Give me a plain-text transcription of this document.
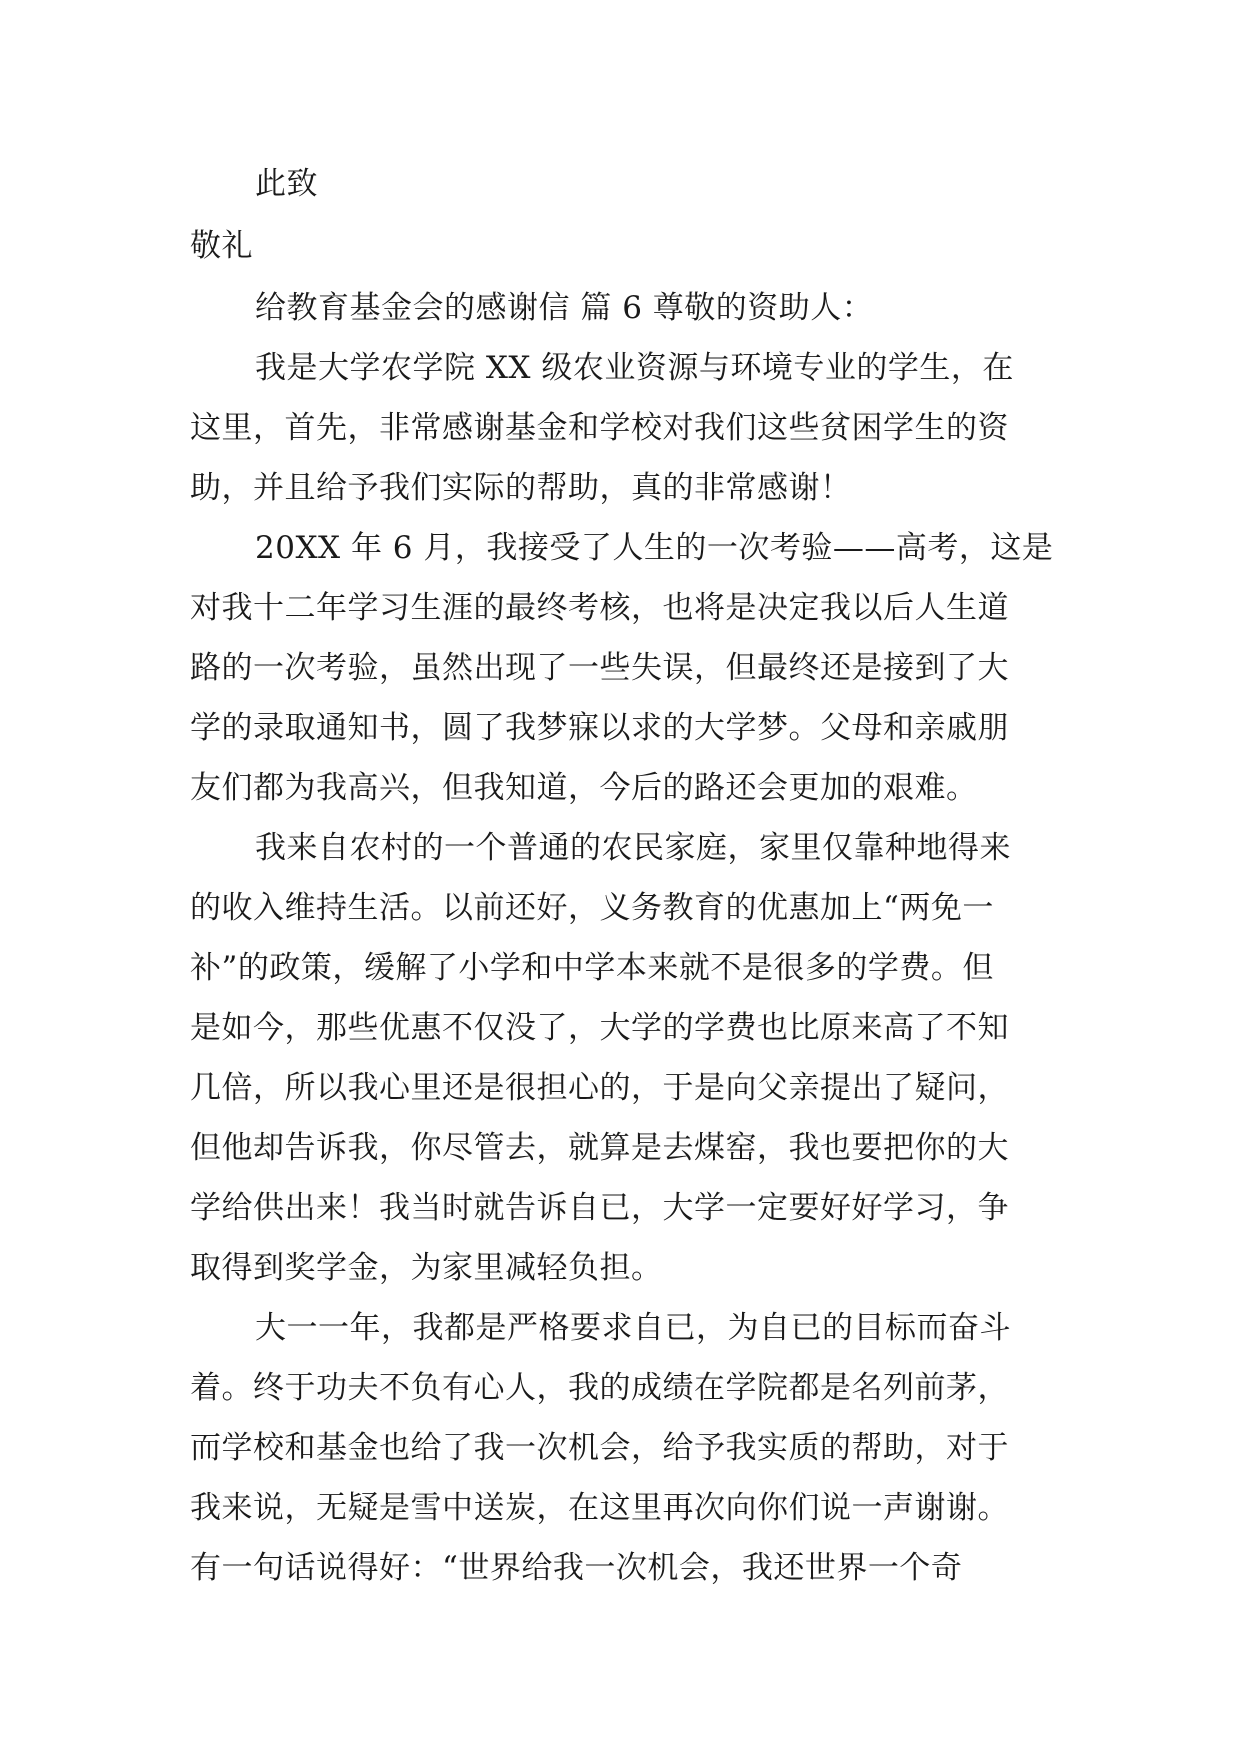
此致

敬礼

给教育基金会的感谢信 篇 6 尊敬的资助人：

我是大学农学院 XX 级农业资源与环境专业的学生，在

这里，首先，非常感谢基金和学校对我们这些贫困学生的资

助，并且给予我们实际的帮助，真的非常感谢！

20XX 年 6 月，我接受了人生的一次考验——高考，这是

对我十二年学习生涯的最终考核，也将是决定我以后人生道

路的一次考验，虽然出现了一些失误，但最终还是接到了大

学的录取通知书，圆了我梦寐以求的大学梦。父母和亲戚朋

友们都为我高兴，但我知道，今后的路还会更加的艰难。

我来自农村的一个普通的农民家庭，家里仅靠种地得来

的收入维持生活。以前还好，义务教育的优惠加上“两免一

补”的政策，缓解了小学和中学本来就不是很多的学费。但

是如今，那些优惠不仅没了，大学的学费也比原来高了不知

几倍，所以我心里还是很担心的，于是向父亲提出了疑问，

但他却告诉我，你尽管去，就算是去煤窑，我也要把你的大

学给供出来！我当时就告诉自已，大学一定要好好学习，争

取得到奖学金，为家里减轻负担。

大一一年，我都是严格要求自已，为自已的目标而奋斗

着。终于功夫不负有心人，我的成绩在学院都是名列前茅，

而学校和基金也给了我一次机会，给予我实质的帮助，对于

我来说，无疑是雪中送炭，在这里再次向你们说一声谢谢。

有一句话说得好：“世界给我一次机会，我还世界一个奇
